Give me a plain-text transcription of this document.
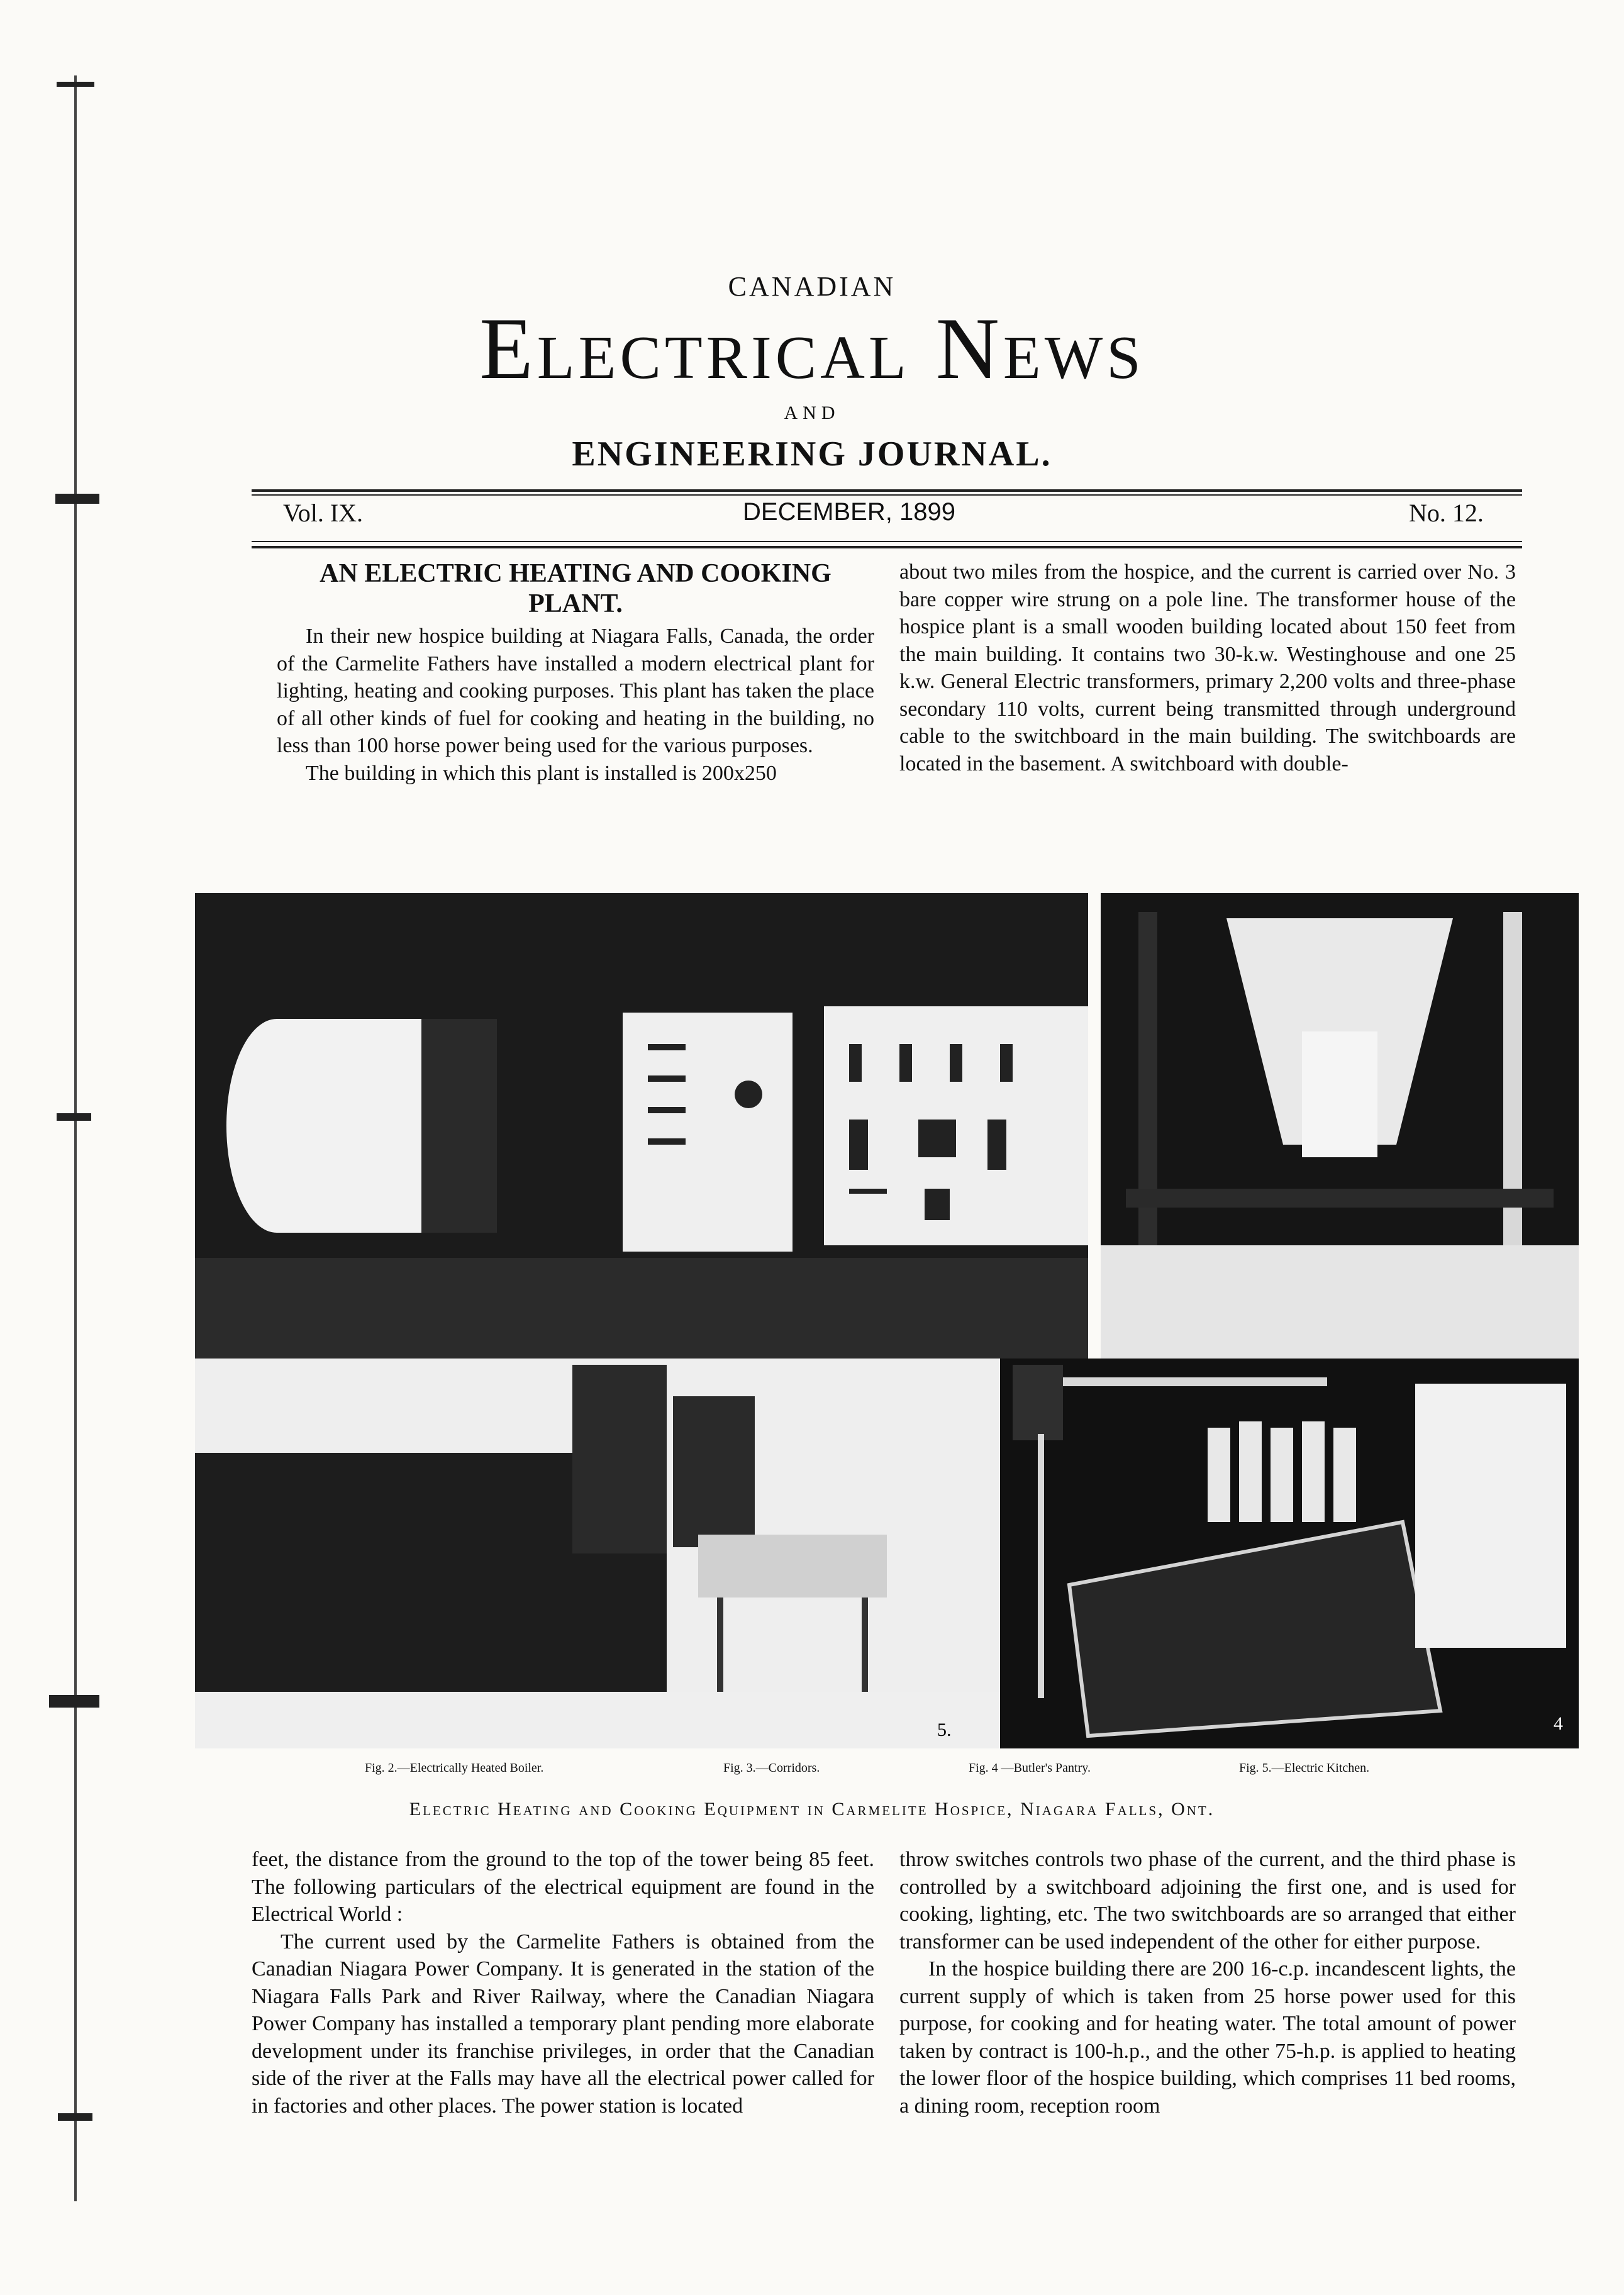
CANADIAN
Electrical News
AND
ENGINEERING JOURNAL.
Vol. IX.	DECEMBER, 1899	No. 12.
AN ELECTRIC HEATING AND COOKING PLANT.

In their new hospice building at Niagara Falls, Canada, the order of the Carmelite Fathers have installed a modern electrical plant for lighting, heating and cooking purposes. This plant has taken the place of all other kinds of fuel for cooking and heating in the building, no less than 100 horse power being used for the various purposes.

The building in which this plant is installed is 200x250

about two miles from the hospice, and the current is carried over No. 3 bare copper wire strung on a pole line. The transformer house of the hospice plant is a small wooden building located about 150 feet from the main building. It contains two 30-k.w. Westinghouse and one 25 k.w. General Electric transformers, primary 2,200 volts and three-phase secondary 110 volts, current being transmitted through underground cable to the switchboard in the main building. The switchboards are located in the basement. A switchboard with double-

5.	4
Fig. 2.—Electrically Heated Boiler.	Fig. 3.—Corridors.	Fig. 4 —Butler's Pantry.	Fig. 5.—Electric Kitchen.
Electric Heating and Cooking Equipment in Carmelite Hospice, Niagara Falls, Ont.

feet, the distance from the ground to the top of the tower being 85 feet. The following particulars of the electrical equipment are found in the Electrical World :

The current used by the Carmelite Fathers is obtained from the Canadian Niagara Power Company. It is generated in the station of the Niagara Falls Park and River Railway, where the Canadian Niagara Power Company has installed a temporary plant pending more elaborate development under its franchise privileges, in order that the Canadian side of the river at the Falls may have all the electrical power called for in factories and other places. The power station is located

throw switches controls two phase of the current, and the third phase is controlled by a switchboard adjoining the first one, and is used for cooking, lighting, etc. The two switchboards are so arranged that either transformer can be used independent of the other for either purpose.

In the hospice building there are 200 16-c.p. incandescent lights, the current supply of which is taken from 25 horse power used for this purpose, for cooking and for heating water. The total amount of power taken by contract is 100-h.p., and the other 75-h.p. is applied to heating the lower floor of the hospice building, which comprises 11 bed rooms, a dining room, reception room
